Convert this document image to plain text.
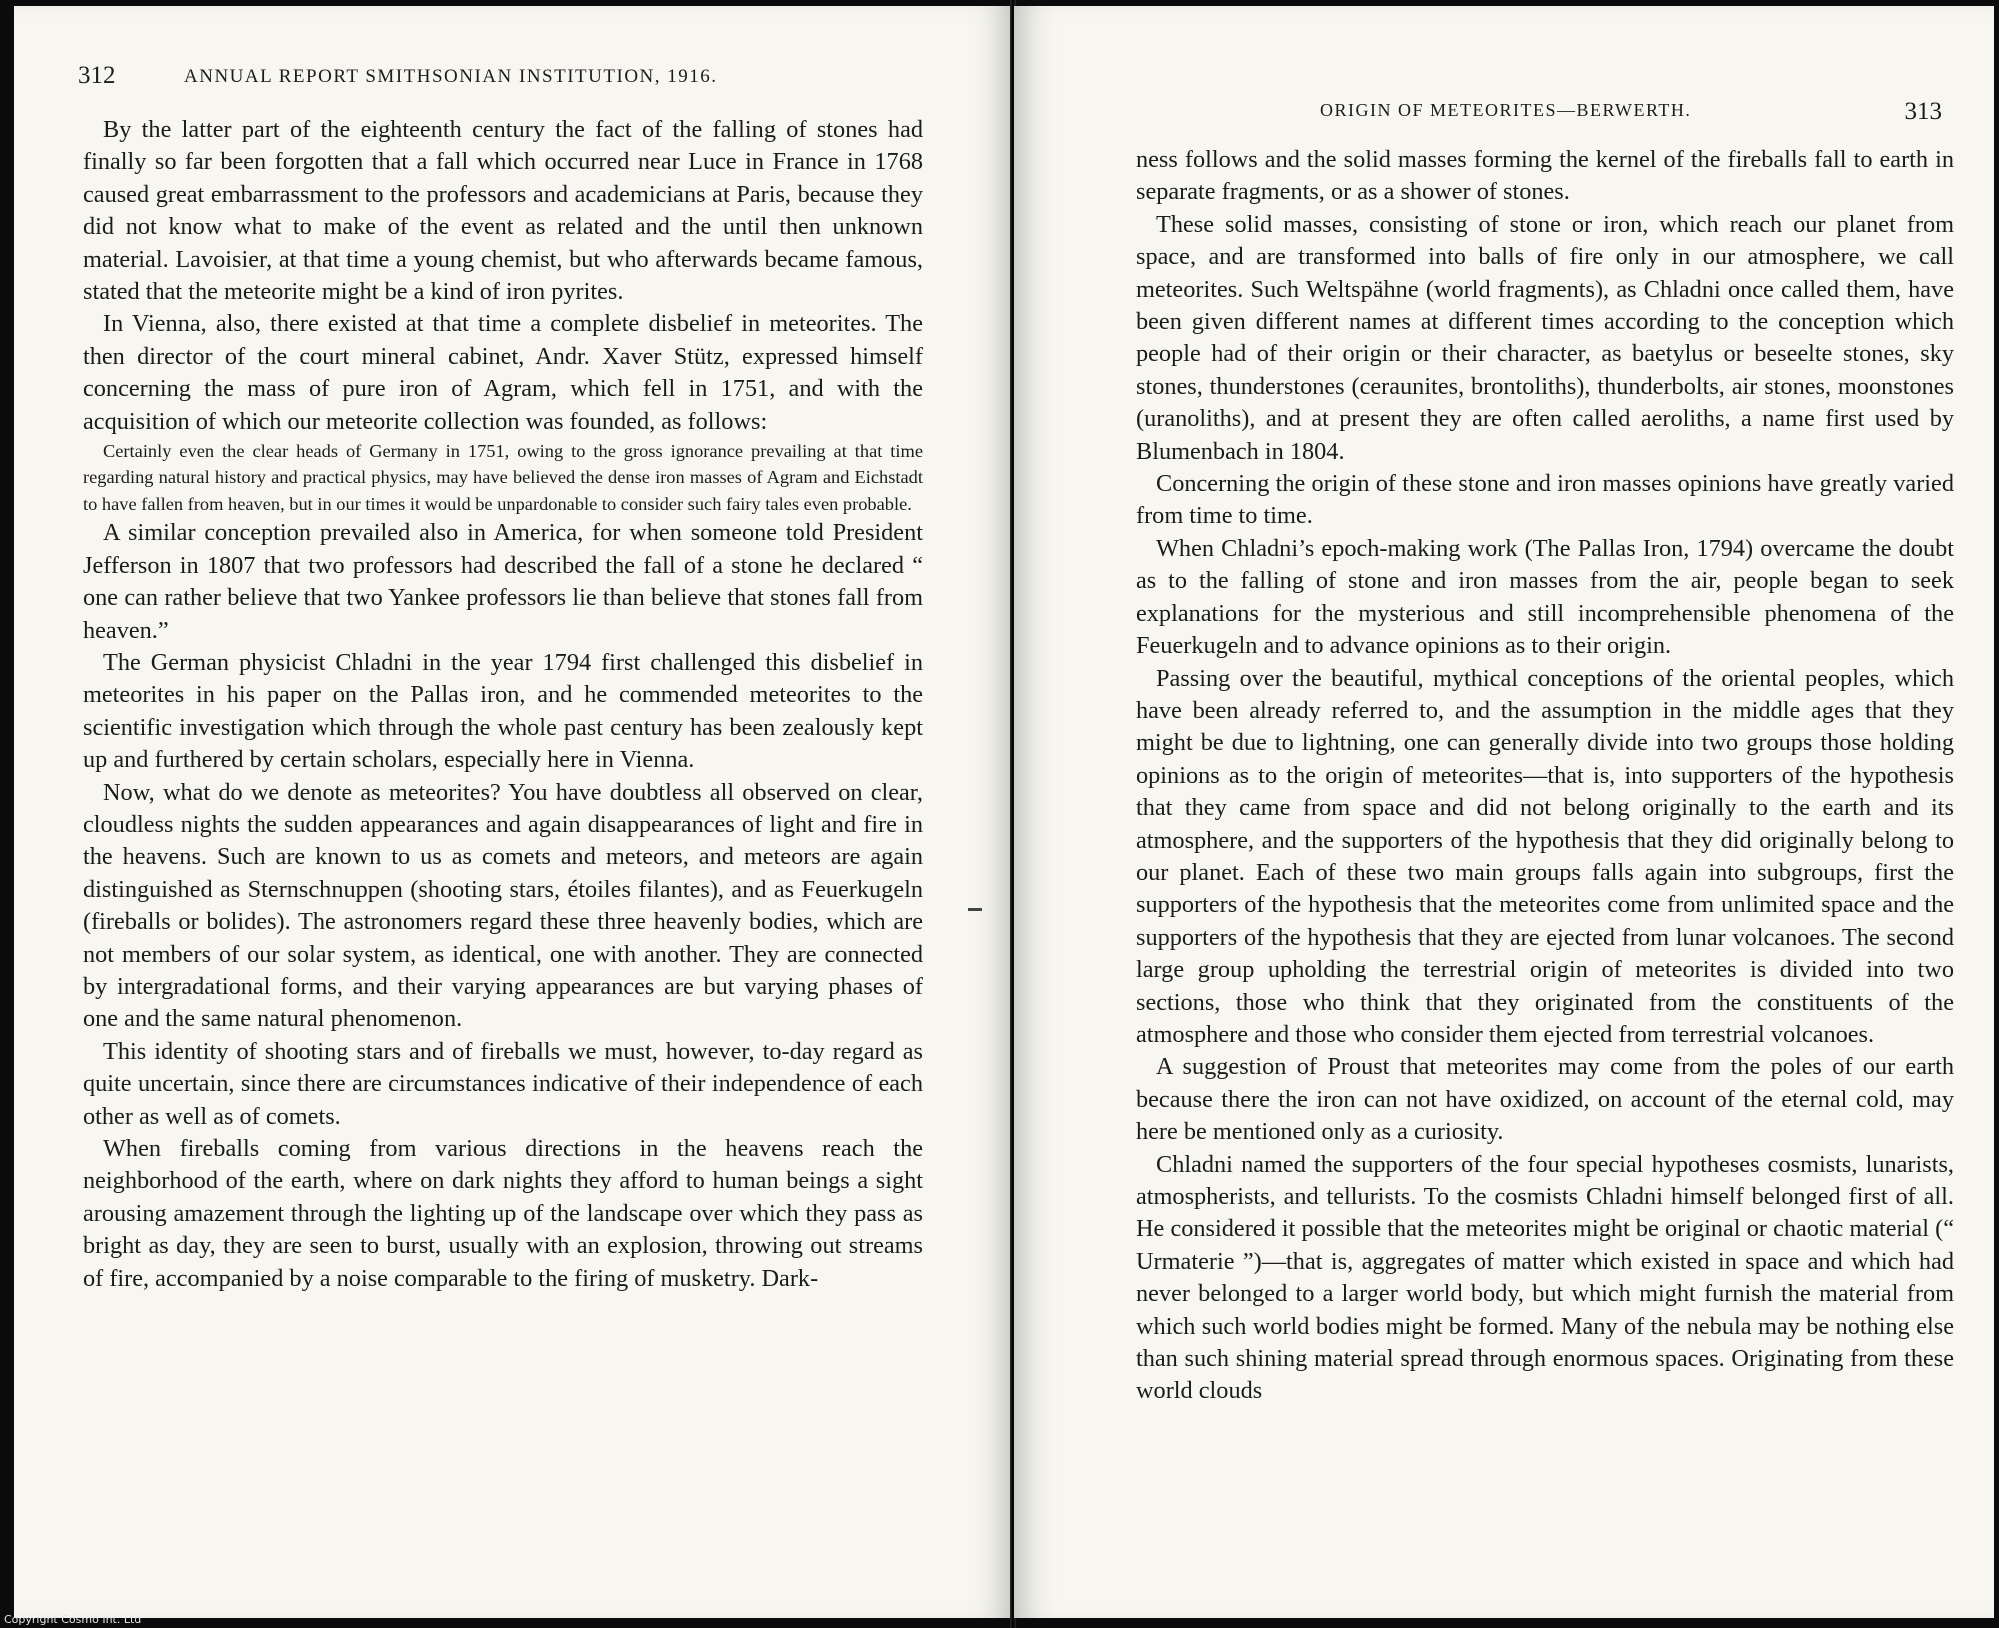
312	ANNUAL REPORT SMITHSONIAN INSTITUTION, 1916.

By the latter part of the eighteenth century the fact of the falling of stones had finally so far been forgotten that a fall which occurred near Luce in France in 1768 caused great embarrassment to the professors and academicians at Paris, because they did not know what to make of the event as related and the until then unknown material. Lavoisier, at that time a young chemist, but who afterwards became famous, stated that the meteorite might be a kind of iron pyrites.

In Vienna, also, there existed at that time a complete disbelief in meteorites. The then director of the court mineral cabinet, Andr. Xaver Stütz, expressed himself concerning the mass of pure iron of Agram, which fell in 1751, and with the acquisition of which our meteorite collection was founded, as follows:

Certainly even the clear heads of Germany in 1751, owing to the gross ignorance prevailing at that time regarding natural history and practical physics, may have believed the dense iron masses of Agram and Eichstadt to have fallen from heaven, but in our times it would be unpardonable to consider such fairy tales even probable.

A similar conception prevailed also in America, for when someone told President Jefferson in 1807 that two professors had described the fall of a stone he declared “ one can rather believe that two Yankee professors lie than believe that stones fall from heaven.”

The German physicist Chladni in the year 1794 first challenged this disbelief in meteorites in his paper on the Pallas iron, and he commended meteorites to the scientific investigation which through the whole past century has been zealously kept up and furthered by certain scholars, especially here in Vienna.

Now, what do we denote as meteorites? You have doubtless all observed on clear, cloudless nights the sudden appearances and again disappearances of light and fire in the heavens. Such are known to us as comets and meteors, and meteors are again distinguished as Sternschnuppen (shooting stars, étoiles filantes), and as Feuerkugeln (fireballs or bolides). The astronomers regard these three heavenly bodies, which are not members of our solar system, as identical, one with another. They are connected by intergradational forms, and their varying appearances are but varying phases of one and the same natural phenomenon.

This identity of shooting stars and of fireballs we must, however, to-day regard as quite uncertain, since there are circumstances indicative of their independence of each other as well as of comets.

When fireballs coming from various directions in the heavens reach the neighborhood of the earth, where on dark nights they afford to human beings a sight arousing amazement through the lighting up of the landscape over which they pass as bright as day, they are seen to burst, usually with an explosion, throwing out streams of fire, accompanied by a noise comparable to the firing of musketry. Dark-

ORIGIN OF METEORITES—BERWERTH.	313

ness follows and the solid masses forming the kernel of the fireballs fall to earth in separate fragments, or as a shower of stones.

These solid masses, consisting of stone or iron, which reach our planet from space, and are transformed into balls of fire only in our atmosphere, we call meteorites. Such Weltspähne (world fragments), as Chladni once called them, have been given different names at different times according to the conception which people had of their origin or their character, as baetylus or beseelte stones, sky stones, thunderstones (ceraunites, brontoliths), thunderbolts, air stones, moonstones (uranoliths), and at present they are often called aeroliths, a name first used by Blumenbach in 1804.

Concerning the origin of these stone and iron masses opinions have greatly varied from time to time.

When Chladni’s epoch-making work (The Pallas Iron, 1794) overcame the doubt as to the falling of stone and iron masses from the air, people began to seek explanations for the mysterious and still incomprehensible phenomena of the Feuerkugeln and to advance opinions as to their origin.

Passing over the beautiful, mythical conceptions of the oriental peoples, which have been already referred to, and the assumption in the middle ages that they might be due to lightning, one can generally divide into two groups those holding opinions as to the origin of meteorites—that is, into supporters of the hypothesis that they came from space and did not belong originally to the earth and its atmosphere, and the supporters of the hypothesis that they did originally belong to our planet. Each of these two main groups falls again into subgroups, first the supporters of the hypothesis that the meteorites come from unlimited space and the supporters of the hypothesis that they are ejected from lunar volcanoes. The second large group upholding the terrestrial origin of meteorites is divided into two sections, those who think that they originated from the constituents of the atmosphere and those who consider them ejected from terrestrial volcanoes.

A suggestion of Proust that meteorites may come from the poles of our earth because there the iron can not have oxidized, on account of the eternal cold, may here be mentioned only as a curiosity.

Chladni named the supporters of the four special hypotheses cosmists, lunarists, atmospherists, and tellurists. To the cosmists Chladni himself belonged first of all. He considered it possible that the meteorites might be original or chaotic material (“ Urmaterie ”)—that is, aggregates of matter which existed in space and which had never belonged to a larger world body, but which might furnish the material from which such world bodies might be formed. Many of the nebula may be nothing else than such shining material spread through enormous spaces. Originating from these world clouds

Copyright Cosmo Int. Ltd
